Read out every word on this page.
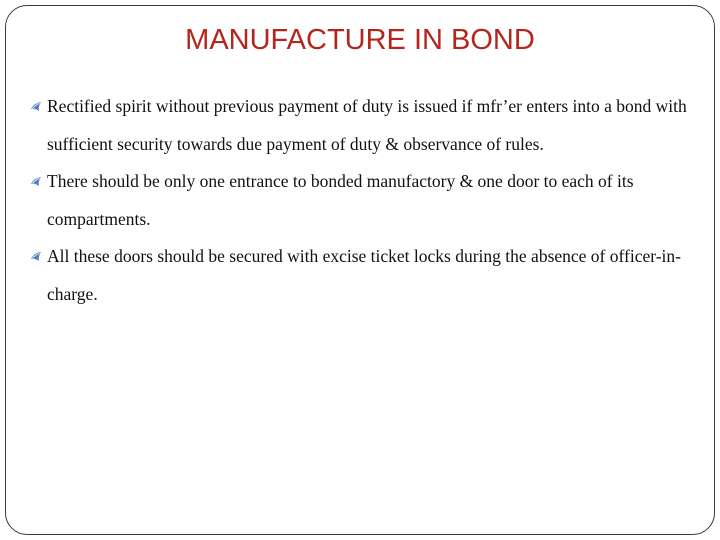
MANUFACTURE IN BOND
Rectified spirit without previous payment of duty is issued if mfr’er enters into a bond with sufficient security towards due payment of duty & observance of rules.
There should be only one entrance to bonded manufactory & one door to each of its compartments.
All these doors should be secured with excise ticket locks during the absence of officer-in-charge.
